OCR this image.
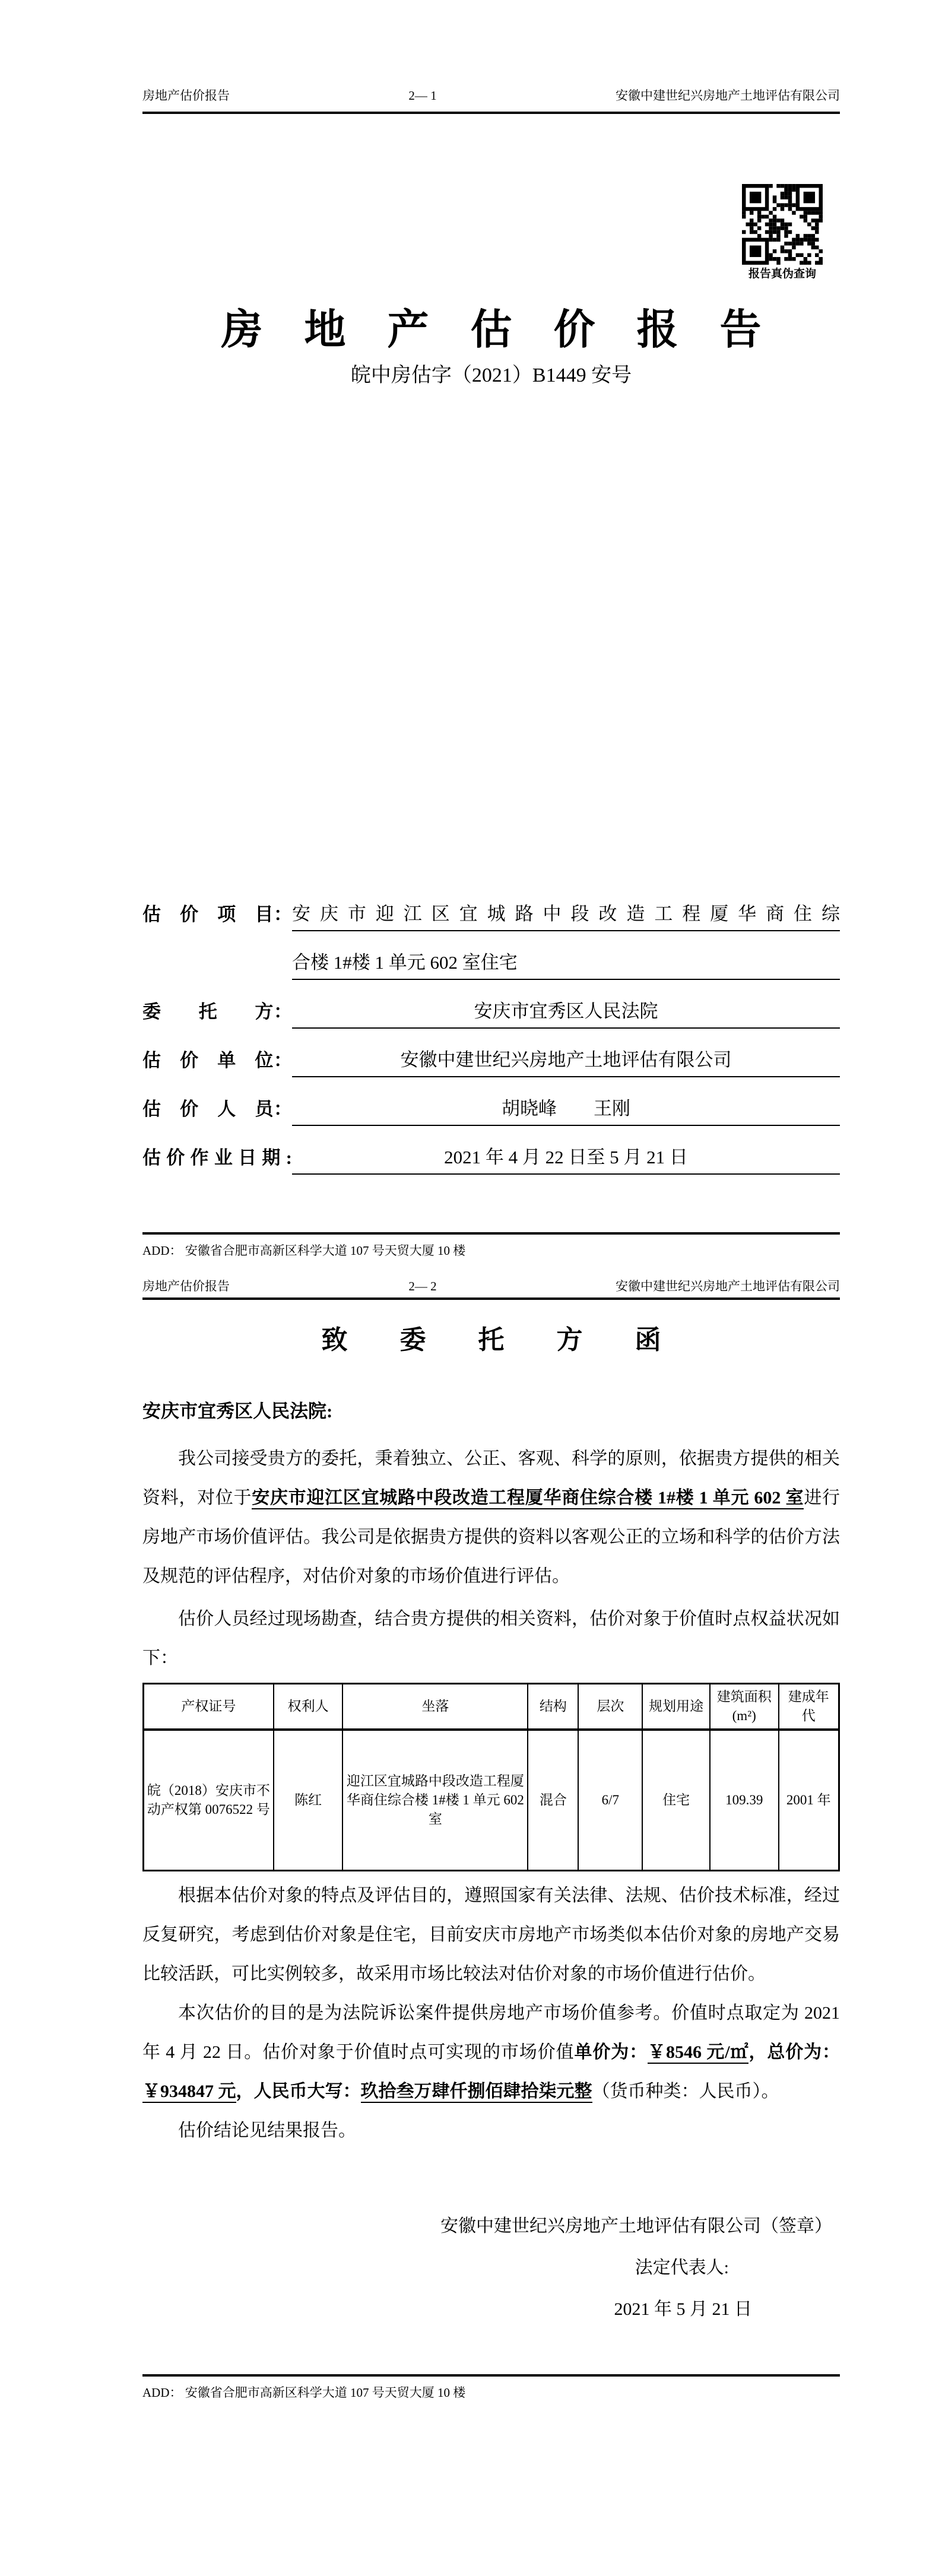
报告真伪查询
房地产估价报告	2— 1	安徽中建世纪兴房地产土地评估有限公司
房　地　产　估　价　报　告
皖中房估字（2021）B1449 安号
估　价　项　目： 安庆市迎江区宜城路中段改造工程厦华商住综
合楼 1#楼 1 单元 602 室住宅
委　　托　　方：	安庆市宜秀区人民法院
估　价　单　位：	安徽中建世纪兴房地产土地评估有限公司
估　价　人　员：	胡晓峰　　王刚
估价作业日期:	2021 年 4 月 22 日至 5 月 21 日
ADD： 安徽省合肥市高新区科学大道 107 号天贸大厦 10 楼
房地产估价报告	2— 2	安徽中建世纪兴房地产土地评估有限公司
致　　委　　托　　方　　函
安庆市宜秀区人民法院:

我公司接受贵方的委托，秉着独立、公正、客观、科学的原则，依据贵方提供的相关资料，对位于安庆市迎江区宜城路中段改造工程厦华商住综合楼 1#楼 1 单元 602 室进行房地产市场价值评估。我公司是依据贵方提供的资料以客观公正的立场和科学的估价方法及规范的评估程序，对估价对象的市场价值进行评估。

估价人员经过现场勘查，结合贵方提供的相关资料，估价对象于价值时点权益状况如下：

产权证号	权利人	坐落	结构	层次	规划用途	建筑面积(m²)	建成年代
皖（2018）安庆市不动产权第 0076522 号	陈红	迎江区宜城路中段改造工程厦华商住综合楼 1#楼 1 单元 602 室	混合	6/7	住宅	109.39	2001 年

根据本估价对象的特点及评估目的，遵照国家有关法律、法规、估价技术标准，经过反复研究，考虑到估价对象是住宅，目前安庆市房地产市场类似本估价对象的房地产交易比较活跃，可比实例较多，故采用市场比较法对估价对象的市场价值进行估价。

本次估价的目的是为法院诉讼案件提供房地产市场价值参考。价值时点取定为 2021 年 4 月 22 日。估价对象于价值时点可实现的市场价值单价为：￥8546 元/㎡，总价为：￥934847 元，人民币大写：玖拾叁万肆仟捌佰肆拾柒元整（货币种类：人民币）。

估价结论见结果报告。

安徽中建世纪兴房地产土地评估有限公司（签章）
法定代表人:
2021 年 5 月 21 日
ADD： 安徽省合肥市高新区科学大道 107 号天贸大厦 10 楼
